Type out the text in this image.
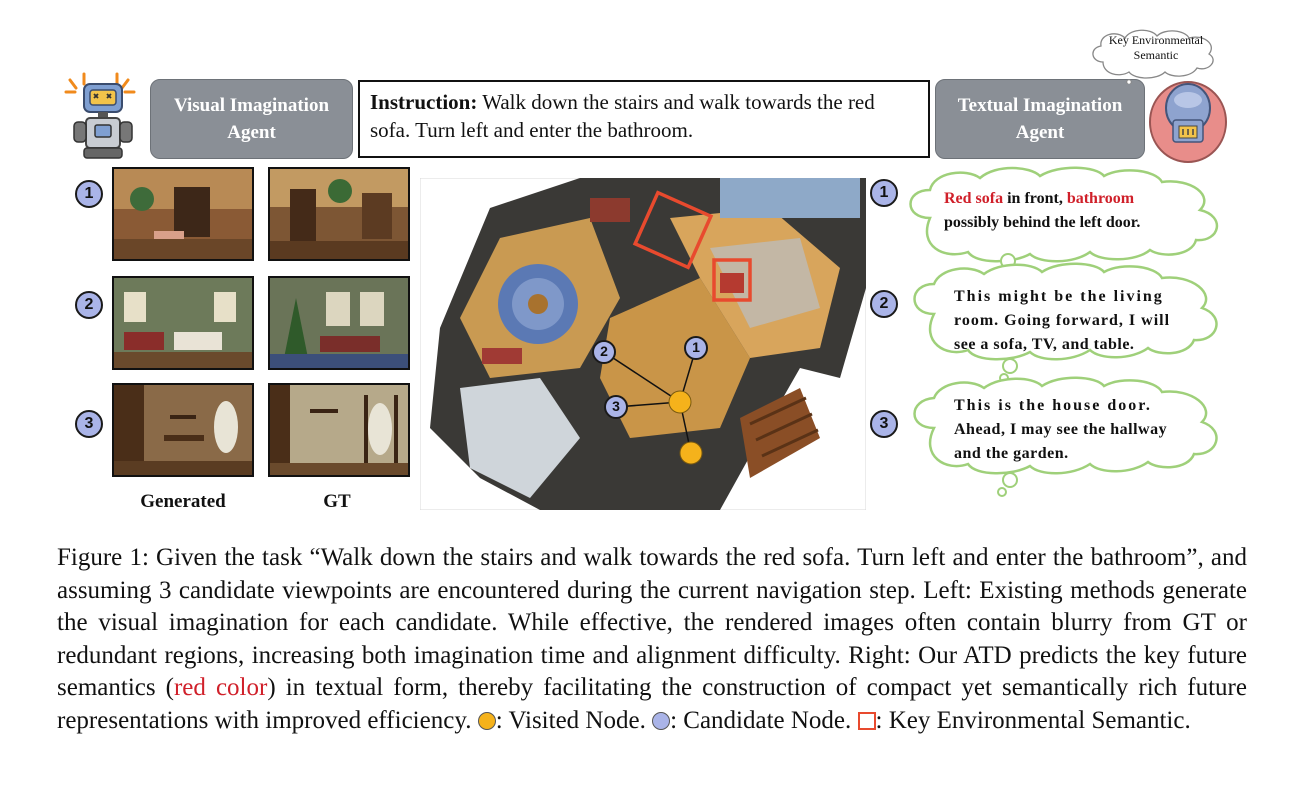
Visual Imagination
Agent
Instruction: Walk down the stairs and walk towards the red sofa. Turn left and enter the bathroom.
Textual Imagination
Agent
Key Environmental
Semantic
1
2
3
Generated	GT
1
2
3
1
2
3
Red sofa in front, bathroom
possibly behind the left door.
This might be the living
room. Going forward, I will
see a sofa, TV, and table.
This is the house door.
Ahead, I may see the hallway
and the garden.
Figure 1: Given the task “Walk down the stairs and walk towards the red sofa. Turn left and enter the bathroom”, and assuming 3 candidate viewpoints are encountered during the current navigation step. Left: Existing methods generate the visual imagination for each candidate. While effective, the rendered images often contain blurry from GT or redundant regions, increasing both imagination time and alignment difficulty. Right: Our ATD predicts the key future semantics (red color) in textual form, thereby facilitating the construction of compact yet semantically rich future representations with improved efficiency. : Visited Node. : Candidate Node. : Key Environmental Semantic.
